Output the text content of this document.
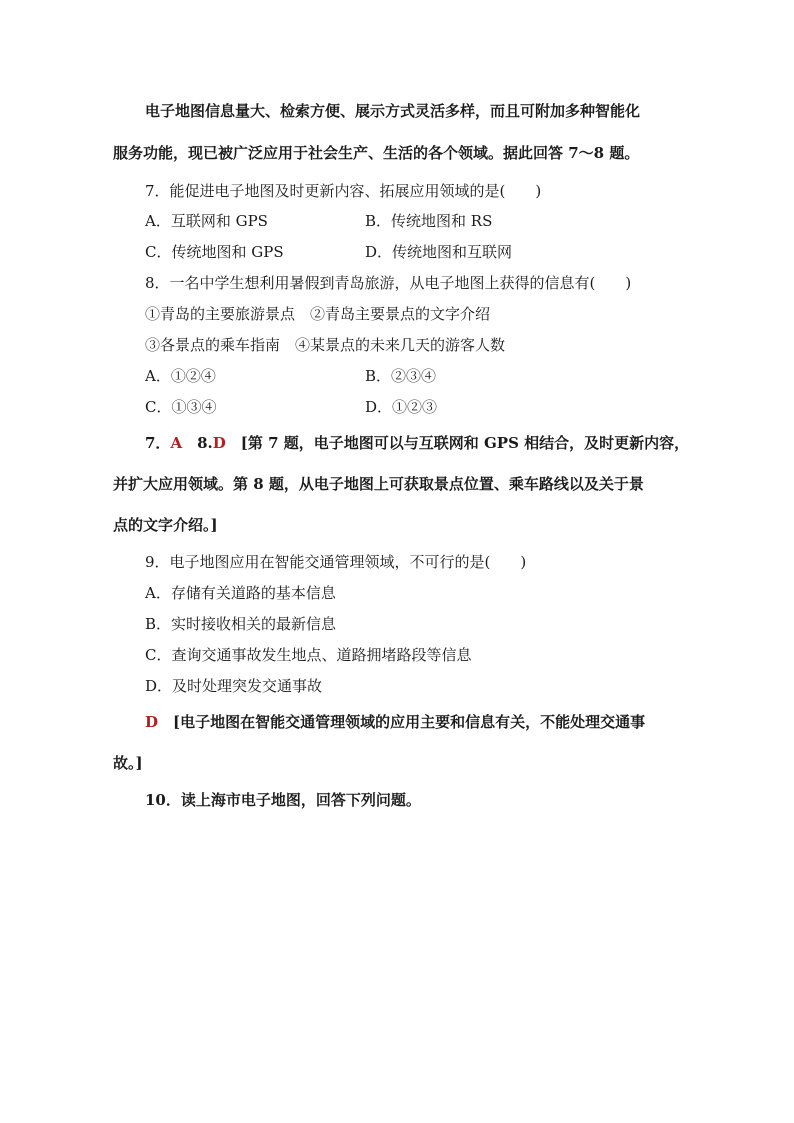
电子地图信息量大、检索方便、展示方式灵活多样，而且可附加多种智能化
服务功能，现已被广泛应用于社会生产、生活的各个领域。据此回答 7～8 题。
7．能促进电子地图及时更新内容、拓展应用领域的是(　　)
A．互联网和 GPS	B．传统地图和 RS
C．传统地图和 GPS	D．传统地图和互联网
8．一名中学生想利用暑假到青岛旅游，从电子地图上获得的信息有(　　)
①青岛的主要旅游景点　②青岛主要景点的文字介绍
③各景点的乘车指南　④某景点的未来几天的游客人数
A．①②④	B．②③④
C．①③④	D．①②③
7．A　 8.D　 [第 7 题，电子地图可以与互联网和 GPS 相结合，及时更新内容，
并扩大应用领域。第 8 题，从电子地图上可获取景点位置、乘车路线以及关于景
点的文字介绍。]
9．电子地图应用在智能交通管理领域，不可行的是(　　)
A．存储有关道路的基本信息
B．实时接收相关的最新信息
C．查询交通事故发生地点、道路拥堵路段等信息
D．及时处理突发交通事故
D　 [电子地图在智能交通管理领域的应用主要和信息有关，不能处理交通事
故。]
10．读上海市电子地图，回答下列问题。
